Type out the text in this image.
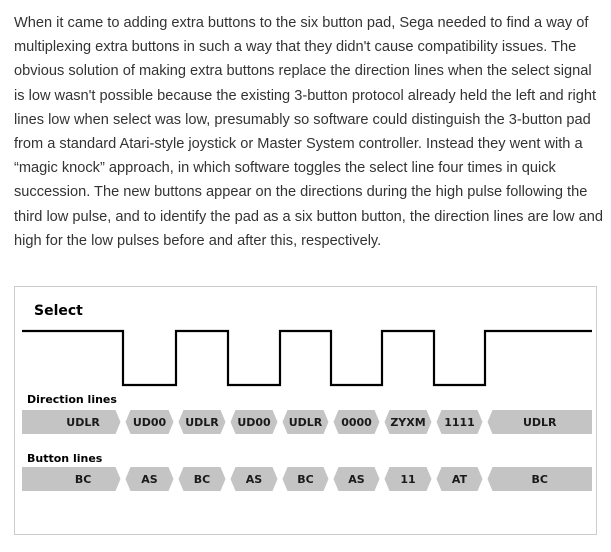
When it came to adding extra buttons to the six button pad, Sega needed to find a way of
multiplexing extra buttons in such a way that they didn't cause compatibility issues. The
obvious solution of making extra buttons replace the direction lines when the select signal
is low wasn't possible because the existing 3-button protocol already held the left and right
lines low when select was low, presumably so software could distinguish the 3-button pad
from a standard Atari-style joystick or Master System controller. Instead they went with a
“magic knock” approach, in which software toggles the select line four times in quick
succession. The new buttons appear on the directions during the high pulse following the
third low pulse, and to identify the pad as a six button button, the direction lines are low and
high for the low pulses before and after this, respectively.
Select
Direction lines
UDLR	UD00 UDLR UD00 UDLR 0000 ZYXM 1111	UDLR
Button lines
BC	AS	BC	AS	BC	AS	11	AT	BC
